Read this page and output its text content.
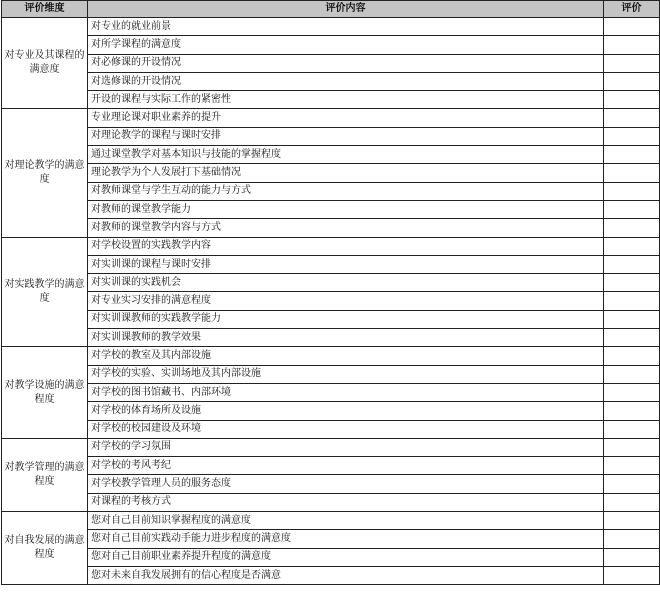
评价维度	评价内容	评价
对专业及其课程的满意度	对专业的就业前景	
	对所学课程的满意度	
	对必修课的开设情况	
	对选修课的开设情况	
	开设的课程与实际工作的紧密性	
对理论教学的满意度	专业理论课对职业素养的提升	
	对理论教学的课程与课时安排	
	通过课堂教学对基本知识与技能的掌握程度	
	理论教学为个人发展打下基础情况	
	对教师课堂与学生互动的能力与方式	
	对教师的课堂教学能力	
	对教师的课堂教学内容与方式	
对实践教学的满意度	对学校设置的实践教学内容	
	对实训课的课程与课时安排	
	对实训课的实践机会	
	对专业实习安排的满意程度	
	对实训课教师的实践教学能力	
	对实训课教师的教学效果	
对教学设施的满意程度	对学校的教室及其内部设施	
	对学校的实验、实训场地及其内部设施	
	对学校的图书馆藏书、内部环境	
	对学校的体育场所及设施	
	对学校的校园建设及环境	
对教学管理的满意程度	对学校的学习氛围	
	对学校的考风考纪	
	对学校教学管理人员的服务态度	
	对课程的考核方式	
对自我发展的满意程度	您对自己目前知识掌握程度的满意度	
	您对自己目前实践动手能力进步程度的满意度	
	您对自己目前职业素养提升程度的满意度	
	您对未来自我发展拥有的信心程度是否满意	
